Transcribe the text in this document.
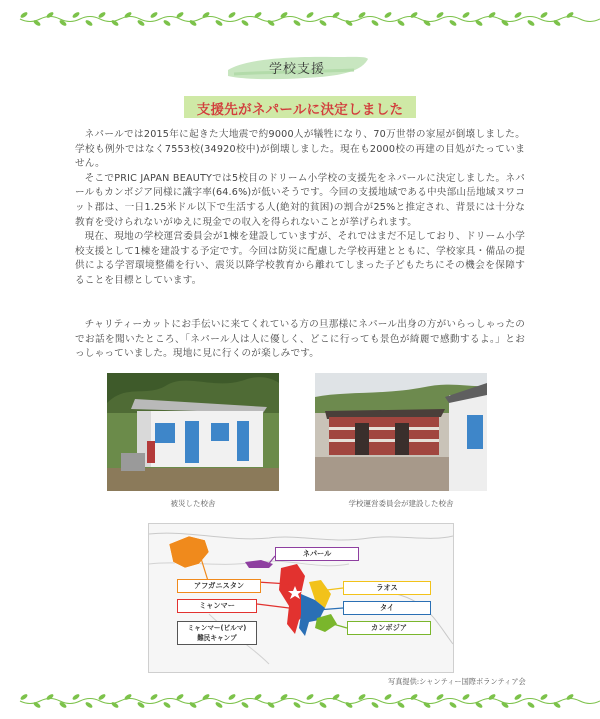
学校支援
支援先がネパールに決定しました

ネパールでは2015年に起きた大地震で約9000人が犠牲になり、70万世帯の家屋が倒壊しました。学校も例外ではなく7553校(34920校中)が倒壊しました。現在も2000校の再建の目処がたっていません。

そこでPRIC JAPAN BEAUTYでは5校目のドリーム小学校の支援先をネパールに決定しました。ネパールもカンボジア同様に識字率(64.6%)が低いそうです。今回の支援地域である中央部山岳地域ヌワコット郡は、一日1.25米ドル以下で生活する人(絶対的貧困)の割合が25%と推定され、背景には十分な教育を受けられないがゆえに現金での収入を得られないことが挙げられます。

現在、現地の学校運営委員会が1棟を建設していますが、それではまだ不足しており、ドリーム小学校支援として1棟を建設する予定です。今回は防災に配慮した学校再建とともに、学校家具・備品の提供による学習環境整備を行い、震災以降学校教育から離れてしまった子どもたちにその機会を保障することを目標としています。

チャリティーカットにお手伝いに来てくれている方の旦那様にネパール出身の方がいらっしゃったのでお話を聞いたところ、「ネパール人は人に優しく、どこに行っても景色が綺麗で感動するよ。」とおっしゃっていました。現地に見に行くのが楽しみです。

被災した校舎	学校運営委員会が建設した校舎
ネパール
アフガニスタン
ミャンマー
ミャンマー(ビルマ)
難民キャンプ
ラオス
タイ
カンボジア
写真提供:シャンティー国際ボランティア会
